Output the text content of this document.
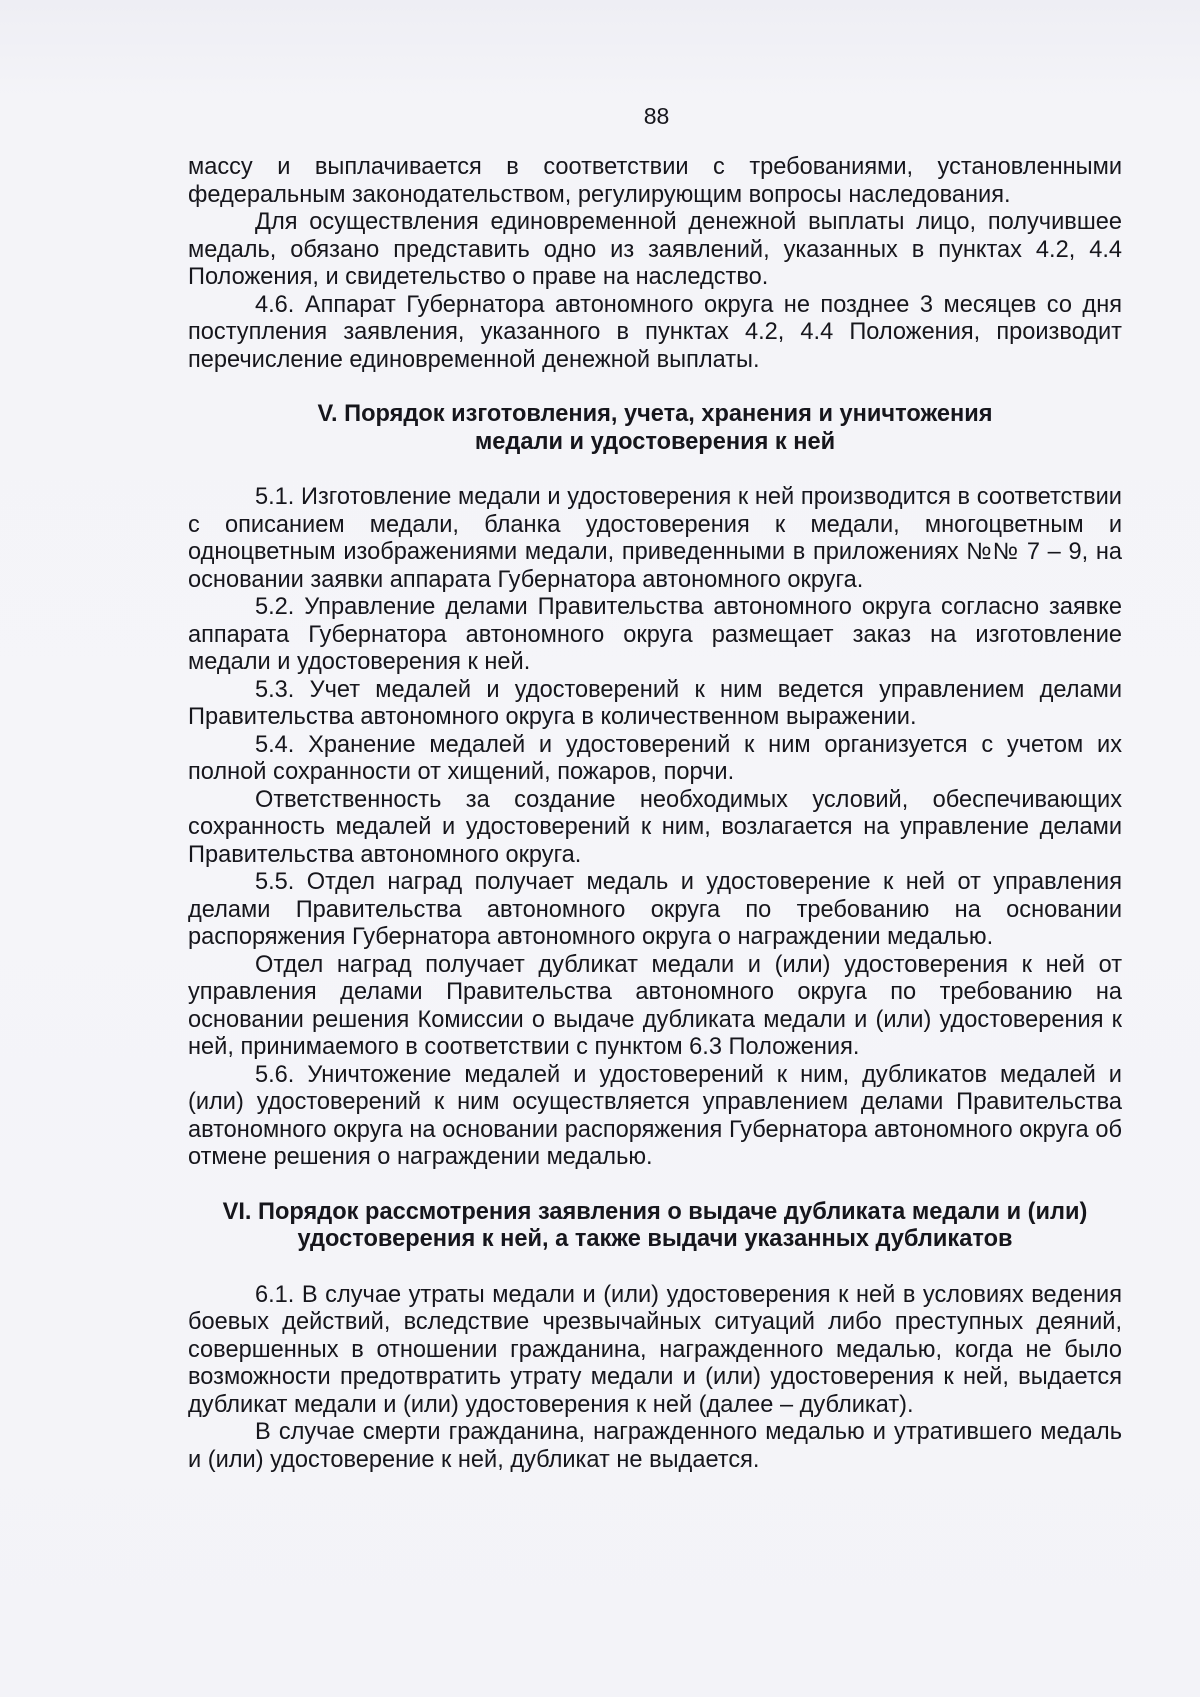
88

массу и выплачивается в соответствии с требованиями, установленными федеральным законодательством, регулирующим вопросы наследования.

Для осуществления единовременной денежной выплаты лицо, получившее медаль, обязано представить одно из заявлений, указанных в пунктах 4.2, 4.4 Положения, и свидетельство о праве на наследство.

4.6. Аппарат Губернатора автономного округа не позднее 3 месяцев со дня поступления заявления, указанного в пунктах 4.2, 4.4 Положения, производит перечисление единовременной денежной выплаты.

V. Порядок изготовления, учета, хранения и уничтожения
медали и удостоверения к ней

5.1. Изготовление медали и удостоверения к ней производится в соответствии с описанием медали, бланка удостоверения к медали, многоцветным и одноцветным изображениями медали, приведенными в приложениях №№ 7 – 9, на основании заявки аппарата Губернатора автономного округа.

5.2. Управление делами Правительства автономного округа согласно заявке аппарата Губернатора автономного округа размещает заказ на изготовление медали и удостоверения к ней.

5.3. Учет медалей и удостоверений к ним ведется управлением делами Правительства автономного округа в количественном выражении.

5.4. Хранение медалей и удостоверений к ним организуется с учетом их полной сохранности от хищений, пожаров, порчи.

Ответственность за создание необходимых условий, обеспечивающих сохранность медалей и удостоверений к ним, возлагается на управление делами Правительства автономного округа.

5.5. Отдел наград получает медаль и удостоверение к ней от управления делами Правительства автономного округа по требованию на основании распоряжения Губернатора автономного округа о награждении медалью.

Отдел наград получает дубликат медали и (или) удостоверения к ней от управления делами Правительства автономного округа по требованию на основании решения Комиссии о выдаче дубликата медали и (или) удостоверения к ней, принимаемого в соответствии с пунктом 6.3 Положения.

5.6. Уничтожение медалей и удостоверений к ним, дубликатов медалей и (или) удостоверений к ним осуществляется управлением делами Правительства автономного округа на основании распоряжения Губернатора автономного округа об отмене решения о награждении медалью.

VI. Порядок рассмотрения заявления о выдаче дубликата медали и (или)
удостоверения к ней, а также выдачи указанных дубликатов

6.1. В случае утраты медали и (или) удостоверения к ней в условиях ведения боевых действий, вследствие чрезвычайных ситуаций либо преступных деяний, совершенных в отношении гражданина, награжденного медалью, когда не было возможности предотвратить утрату медали и (или) удостоверения к ней, выдается дубликат медали и (или) удостоверения к ней (далее – дубликат).

В случае смерти гражданина, награжденного медалью и утратившего медаль и (или) удостоверение к ней, дубликат не выдается.
